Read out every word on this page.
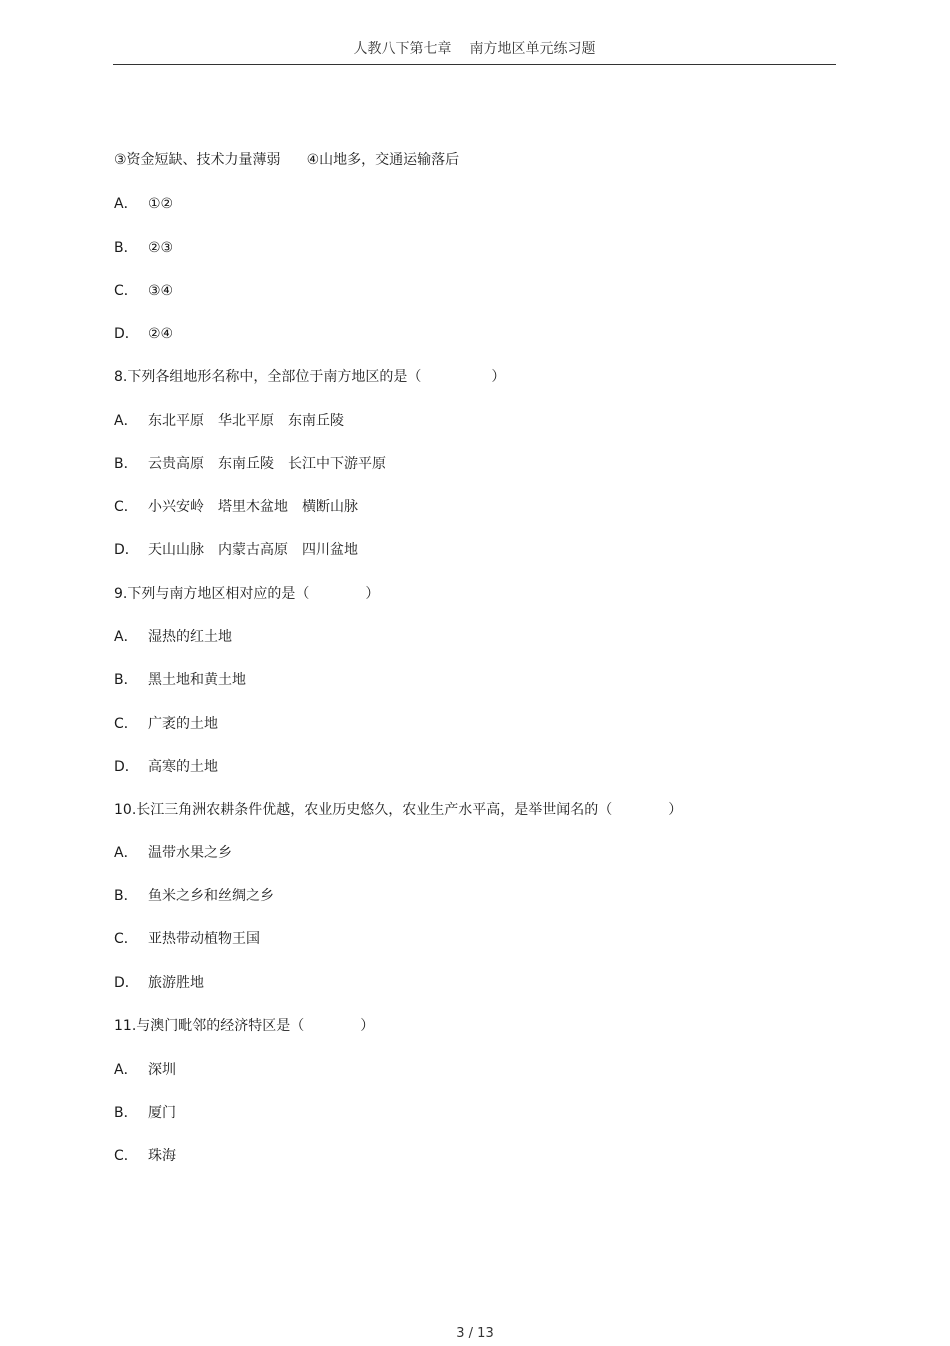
人教八下第七章 南方地区单元练习题
③资金短缺、技术力量薄弱 ④山地多，交通运输落后
A． ①②
B． ②③
C． ③④
D． ②④
8.下列各组地形名称中，全部位于南方地区的是（　　　　　）
A． 东北平原　华北平原　东南丘陵
B． 云贵高原　东南丘陵　长江中下游平原
C． 小兴安岭　塔里木盆地　横断山脉
D． 天山山脉　内蒙古高原　四川盆地
9.下列与南方地区相对应的是（　　　　）
A． 湿热的红土地
B． 黑土地和黄土地
C． 广袤的土地
D． 高寒的土地
10.长江三角洲农耕条件优越，农业历史悠久，农业生产水平高，是举世闻名的（　　　　）
A． 温带水果之乡
B． 鱼米之乡和丝绸之乡
C． 亚热带动植物王国
D． 旅游胜地
11.与澳门毗邻的经济特区是（　　　　）
A． 深圳
B． 厦门
C． 珠海
3 / 13
